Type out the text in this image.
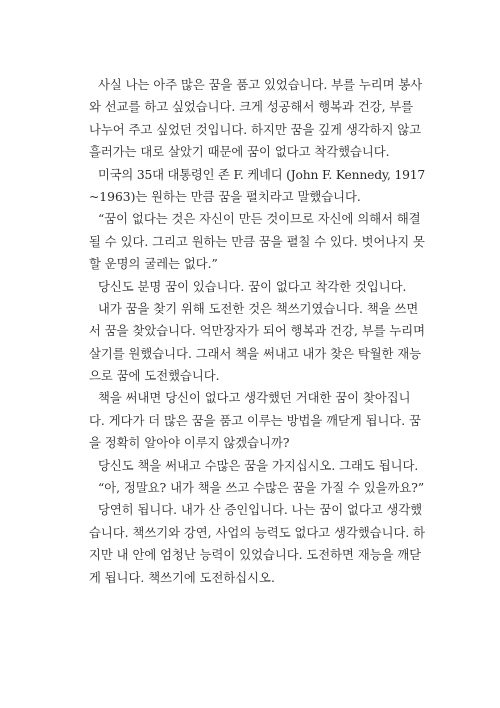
사실 나는 아주 많은 꿈을 품고 있었습니다. 부를 누리며 봉사
와 선교를 하고 싶었습니다. 크게 성공해서 행복과 건강, 부를
나누어 주고 싶었던 것입니다. 하지만 꿈을 깊게 생각하지 않고
흘러가는 대로 살았기 때문에 꿈이 없다고 착각했습니다.
미국의 35대 대통령인 존 F. 케네디 (John F. Kennedy, 1917
~1963)는 원하는 만큼 꿈을 펼치라고 말했습니다.
“꿈이 없다는 것은 자신이 만든 것이므로 자신에 의해서 해결
될 수 있다. 그리고 원하는 만큼 꿈을 펼칠 수 있다. 벗어나지 못
할 운명의 굴레는 없다.”
당신도 분명 꿈이 있습니다. 꿈이 없다고 착각한 것입니다.
내가 꿈을 찾기 위해 도전한 것은 책쓰기였습니다. 책을 쓰면
서 꿈을 찾았습니다. 억만장자가 되어 행복과 건강, 부를 누리며
살기를 원했습니다. 그래서 책을 써내고 내가 찾은 탁월한 재능
으로 꿈에 도전했습니다.
책을 써내면 당신이 없다고 생각했던 거대한 꿈이 찾아집니
다. 게다가 더 많은 꿈을 품고 이루는 방법을 깨닫게 됩니다. 꿈
을 정확히 알아야 이루지 않겠습니까?
당신도 책을 써내고 수많은 꿈을 가지십시오. 그래도 됩니다.
“아, 정말요? 내가 책을 쓰고 수많은 꿈을 가질 수 있을까요?”
당연히 됩니다. 내가 산 증인입니다. 나는 꿈이 없다고 생각했
습니다. 책쓰기와 강연, 사업의 능력도 없다고 생각했습니다. 하
지만 내 안에 엄청난 능력이 있었습니다. 도전하면 재능을 깨닫
게 됩니다. 책쓰기에 도전하십시오.
